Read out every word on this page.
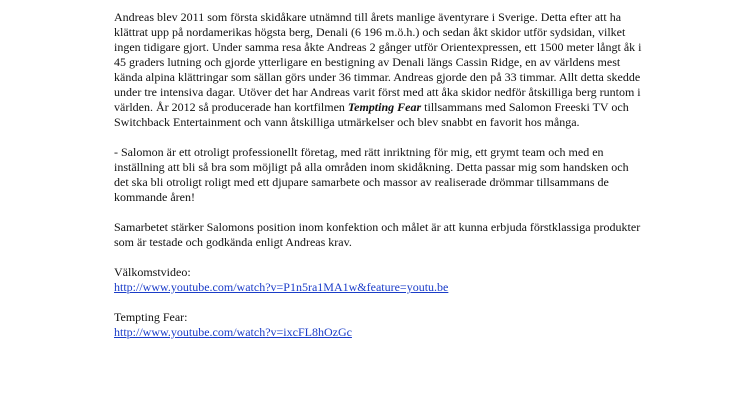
Andreas blev 2011 som första skidåkare utnämnd till årets manlige äventyrare i Sverige. Detta efter att ha klättrat upp på nordamerikas högsta berg, Denali (6 196 m.ö.h.) och sedan åkt skidor utför sydsidan, vilket ingen tidigare gjort. Under samma resa åkte Andreas 2 gånger utför Orientexpressen, ett 1500 meter långt åk i 45 graders lutning och gjorde ytterligare en bestigning av Denali längs Cassin Ridge, en av världens mest kända alpina klättringar som sällan görs under 36 timmar. Andreas gjorde den på 33 timmar. Allt detta skedde under tre intensiva dagar. Utöver det har Andreas varit först med att åka skidor nedför åtskilliga berg runtom i världen. År 2012 så producerade han kortfilmen Tempting Fear tillsammans med Salomon Freeski TV och Switchback Entertainment och vann åtskilliga utmärkelser och blev snabbt en favorit hos många.

- Salomon är ett otroligt professionellt företag, med rätt inriktning för mig, ett grymt team och med en inställning att bli så bra som möjligt på alla områden inom skidåkning. Detta passar mig som handsken och det ska bli otroligt roligt med ett djupare samarbete och massor av realiserade drömmar tillsammans de kommande åren!

Samarbetet stärker Salomons position inom konfektion och målet är att kunna erbjuda förstklassiga produkter som är testade och godkända enligt Andreas krav.

Välkomstvideo:

http://www.youtube.com/watch?v=P1n5ra1MA1w&feature=youtu.be

Tempting Fear:

http://www.youtube.com/watch?v=ixcFL8hOzGc
